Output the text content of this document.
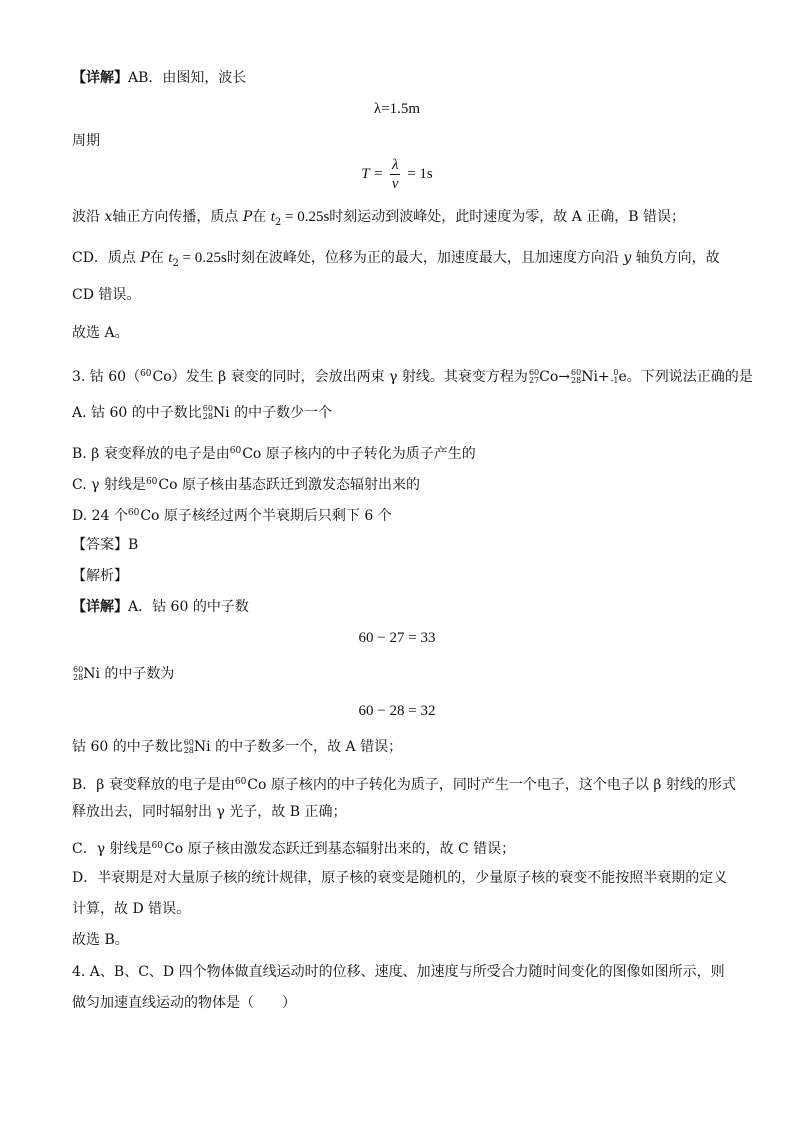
【详解】AB．由图知，波长
λ=1.5m
周期
$T = \frac{\lambda}{v} = 1s$
波沿 x轴正方向传播，质点 P在 $t_2 = 0.25s$时刻运动到波峰处，此时速度为零，故 A 正确，B 错误；
CD．质点 P在 $t_2 = 0.25s$时刻在波峰处，位移为正的最大，加速度最大，且加速度方向沿 y 轴负方向，故
CD 错误。
故选 A。
3. 钴 60（$^{60}$Co）发生 β 衰变的同时，会放出两束 γ 射线。其衰变方程为 60
27 Co→ 60
28 Ni+ 0
-1 e。下列说法正确的是
A. 钴 60 的中子数比 60
28 Ni 的中子数少一个
B. β 衰变释放的电子是由$^{60}$Co 原子核内的中子转化为质子产生的
C. γ 射线是$^{60}$Co 原子核由基态跃迁到激发态辐射出来的
D. 24 个$^{60}$Co 原子核经过两个半衰期后只剩下 6 个
【答案】B
【解析】
【详解】A．钴 60 的中子数
60 − 27 = 33
60
28 Ni 的中子数为
60 − 28 = 32
钴 60 的中子数比 60
28 Ni 的中子数多一个，故 A 错误；
B．β 衰变释放的电子是由$^{60}$Co 原子核内的中子转化为质子，同时产生一个电子，这个电子以 β 射线的形式
释放出去，同时辐射出 γ 光子，故 B 正确；
C．γ 射线是$^{60}$Co 原子核由激发态跃迁到基态辐射出来的，故 C 错误；
D．半衰期是对大量原子核的统计规律，原子核的衰变是随机的，少量原子核的衰变不能按照半衰期的定义
计算，故 D 错误。
故选 B。
4. A、B、C、D 四个物体做直线运动时的位移、速度、加速度与所受合力随时间变化的图像如图所示，则
做匀加速直线运动的物体是（　　）
